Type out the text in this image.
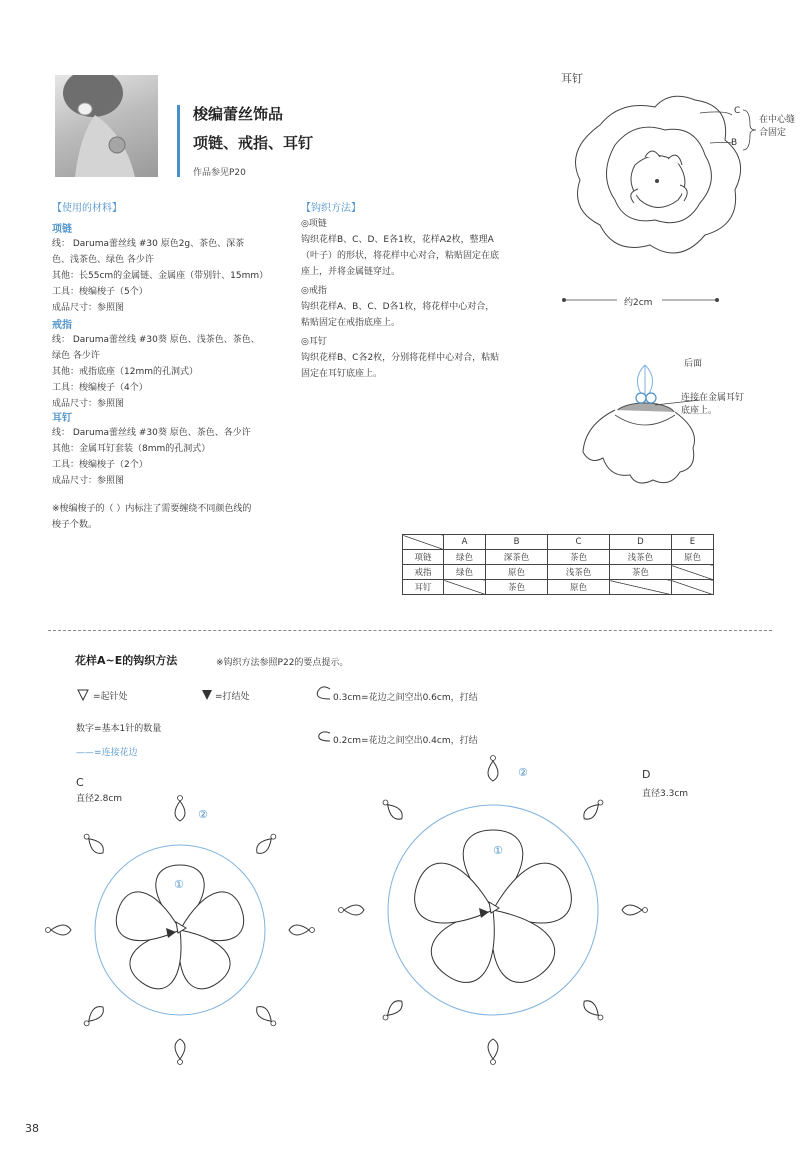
梭编蕾丝饰品
项链、戒指、耳钉
作品参见P20
【使用的材料】
项链
线： Daruma蕾丝线 #30 原色2g、茶色、深茶
色、浅茶色、绿色 各少许
其他：长55cm的金属链、金属座（带别针、15mm）
工具：梭编梭子（5个）
成品尺寸：参照图
戒指
线： Daruma蕾丝线 #30葵 原色、浅茶色、茶色、
绿色 各少许
其他：戒指底座（12mm的孔洞式）
工具：梭编梭子（4个）
成品尺寸：参照图
耳钉
线： Daruma蕾丝线 #30葵 原色、茶色、各少许
其他：金属耳钉套装（8mm的孔洞式）
工具：梭编梭子（2个）
成品尺寸：参照图
※梭编梭子的（ ）内标注了需要缠绕不同颜色线的
梭子个数。
【钩织方法】
◎项链
钩织花样B、C、D、E各1枚，花样A2枚，整理A
（叶子）的形状，将花样中心对合，粘贴固定在底
座上，并将金属链穿过。
◎戒指
钩织花样A、B、C、D各1枚，将花样中心对合，
粘贴固定在戒指底座上。
◎耳钉
钩织花样B、C各2枚，分别将花样中心对合，粘贴
固定在耳钉底座上。
耳钉
C
B
在中心缝
合固定
约2cm
后面
连接在金属耳钉
底座上。
	A	B	C	D	E
项链	绿色	深茶色	茶色	浅茶色	原色
戒指	绿色	原色	浅茶色	茶色	
耳钉		茶色	原色		
花样A~E的钩织方法	※钩织方法参照P22的要点提示。
=起针处	=打结处	0.3cm=花边之间空出0.6cm，打结
数字=基本1针的数量
0.2cm=花边之间空出0.4cm，打结
——=连接花边
C
直径2.8cm
②
①
D
直径3.3cm
②
①
38
